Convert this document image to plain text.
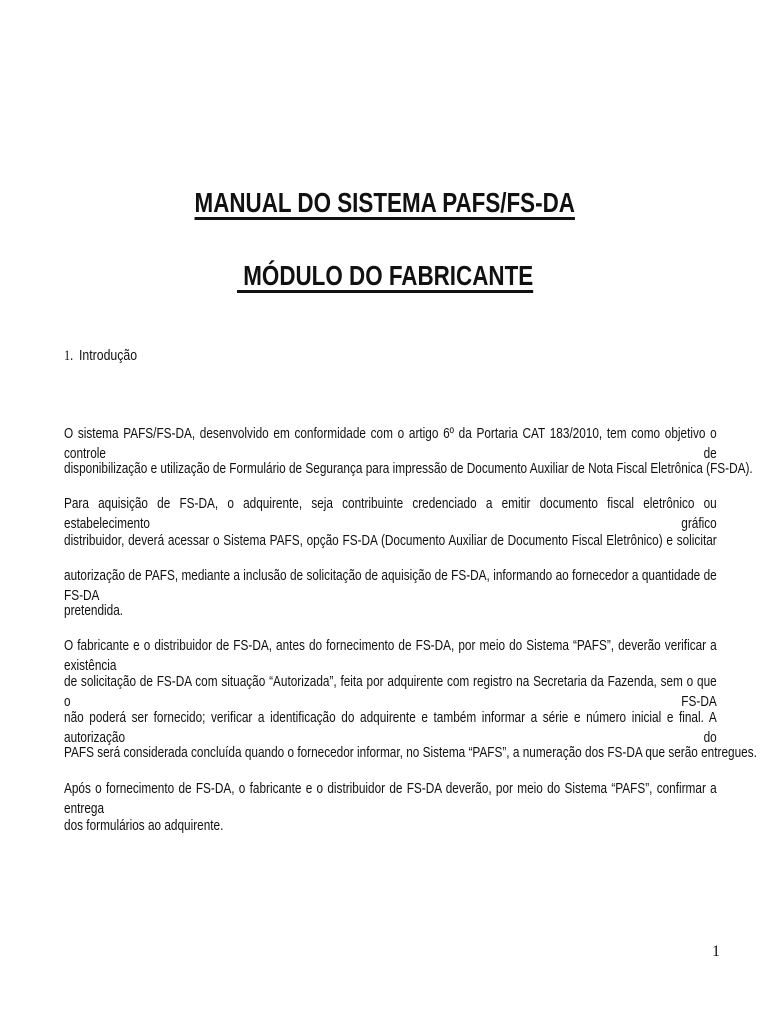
MANUAL DO SISTEMA PAFS/FS-DA
MÓDULO DO FABRICANTE
1. Introdução
O sistema PAFS/FS-DA, desenvolvido em conformidade com o artigo 6º da Portaria CAT 183/2010, tem como objetivo o controle de
disponibilização e utilização de Formulário de Segurança para impressão de Documento Auxiliar de Nota Fiscal Eletrônica (FS-DA).
Para aquisição de FS-DA, o adquirente, seja contribuinte credenciado a emitir documento fiscal eletrônico ou estabelecimento gráfico
distribuidor, deverá acessar o Sistema PAFS, opção FS-DA (Documento Auxiliar de Documento Fiscal Eletrônico) e solicitar
autorização de PAFS, mediante a inclusão de solicitação de aquisição de FS-DA, informando ao fornecedor a quantidade de FS-DA
pretendida.
O fabricante e o distribuidor de FS-DA, antes do fornecimento de FS-DA, por meio do Sistema “PAFS”, deverão verificar a existência
de solicitação de FS-DA com situação “Autorizada”, feita por adquirente com registro na Secretaria da Fazenda, sem o que o FS-DA
não poderá ser fornecido; verificar a identificação do adquirente e também informar a série e número inicial e final. A autorização do
PAFS será considerada concluída quando o fornecedor informar, no Sistema “PAFS”, a numeração dos FS-DA que serão entregues.
Após o fornecimento de FS-DA, o fabricante e o distribuidor de FS-DA deverão, por meio do Sistema “PAFS”, confirmar a entrega
dos formulários ao adquirente.
1
